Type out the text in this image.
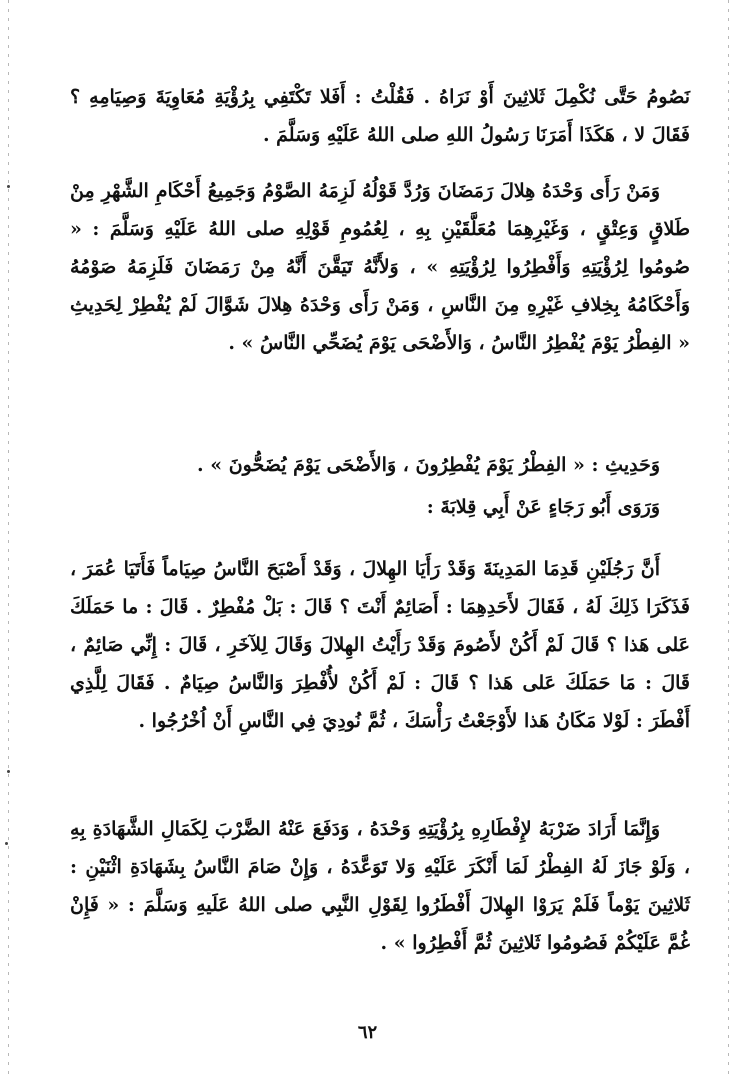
نَصُومُ حَتَّى نُكْمِلَ ثَلاثِينَ أَوْ نَرَاهُ . فَقُلْتُ : أَفَلا تَكْتَفِي بِرُؤْيَةِ مُعَاوِيَةَ وَصِيَامِهِ ؟ فَقَالَ لا ، هَكَذَا أَمَرَنَا رَسُولُ اللهِ صلى اللهُ عَلَيْهِ وَسَلَّمَ .

وَمَنْ رَأَى وَحْدَهُ هِلالَ رَمَضَانَ وَرُدَّ قَوْلُهُ لَزِمَهُ الصَّوْمُ وَجَمِيعُ أَحْكَامِ الشَّهْرِ مِنْ طَلاقٍ وَعِتْقٍ ، وَغَيْرِهِمَا مُعَلَّقَيْنِ بِهِ ، لِعُمُومِ قَوْلِهِ صلى اللهُ عَلَيْهِ وَسَلَّمَ : « صُومُوا لِرُؤْيَتِهِ وَأَفْطِرُوا لِرُؤْيَتِهِ » ، وَلأَنَّهُ تَيَقَّنَ أَنَّهُ مِنْ رَمَضَانَ فَلَزِمَهُ صَوْمُهُ وَأَحْكَامُهُ بِخِلافِ غَيْرِهِ مِنَ النَّاسِ ، وَمَنْ رَأَى وَحْدَهُ هِلالَ شَوَّالَ لَمْ يُفْطِرْ لِحَدِيثِ « الفِطْرُ يَوْمَ يُفْطِرُ النَّاسُ ، وَالأَضْحَى يَوْمَ يُضَحِّي النَّاسُ » .

وَحَدِيثِ : « الفِطْرُ يَوْمَ يُفْطِرُونَ ، وَالأَضْحَى يَوْمَ يُضَحُّونَ » .

وَرَوَى أَبُو رَجَاءٍ عَنْ أَبِي قِلابَةَ :

أَنَّ رَجُلَيْنِ قَدِمَا المَدِينَةَ وَقَدْ رَأَيَا الهِلالَ ، وَقَدْ أَصْبَحَ النَّاسُ صِيَاماً فَأَتَيَا عُمَرَ ، فَذَكَرَا ذَلِكَ لَهُ ، فَقَالَ لأَحَدِهِمَا : أَصَائِمٌ أَنْتَ ؟ قَالَ : بَلْ مُفْطِرٌ . قَالَ : ما حَمَلَكَ عَلى هَذا ؟ قَالَ لَمْ أَكُنْ لأَصُومَ وَقَدْ رَأَيْتُ الهِلالَ وَقَالَ لِلآخَرِ ، قَالَ : إِنِّي صَائِمٌ ، قَالَ : مَا حَمَلَكَ عَلى هَذا ؟ قَالَ : لَمْ أَكُنْ لأُفْطِرَ وَالنَّاسُ صِيَامٌ . فَقَالَ لِلَّذِي أَفْطَرَ : لَوْلا مَكَانُ هَذا لأَوْجَعْتُ رَأْسَكَ ، ثُمَّ نُودِيَ فِي النَّاسِ أَنْ اُخْرُجُوا .

وَإِنَّمَا أَرَادَ ضَرْبَهُ لإِفْطَارِهِ بِرُؤْيَتِهِ وَحْدَهُ ، وَدَفَعَ عَنْهُ الضَّرْبَ لِكَمَالِ الشَّهَادَةِ بِهِ ، وَلَوْ جَازَ لَهُ الفِطْرُ لَمَا أَنْكَرَ عَلَيْهِ وَلا تَوَعَّدَهُ ، وَإِنْ صَامَ النَّاسُ بِشَهَادَةِ اثْنَيْنِ : ثَلاثِينَ يَوْماً فَلَمْ يَرَوْا الهِلالَ أَفْطَرُوا لِقَوْلِ النَّبِي صلى اللهُ عَلَيهِ وَسَلَّمَ : « فَإِنْ غُمَّ عَلَيْكُمْ فَصُومُوا ثَلاثِينَ ثُمَّ أَفْطِرُوا » .

٦٢
